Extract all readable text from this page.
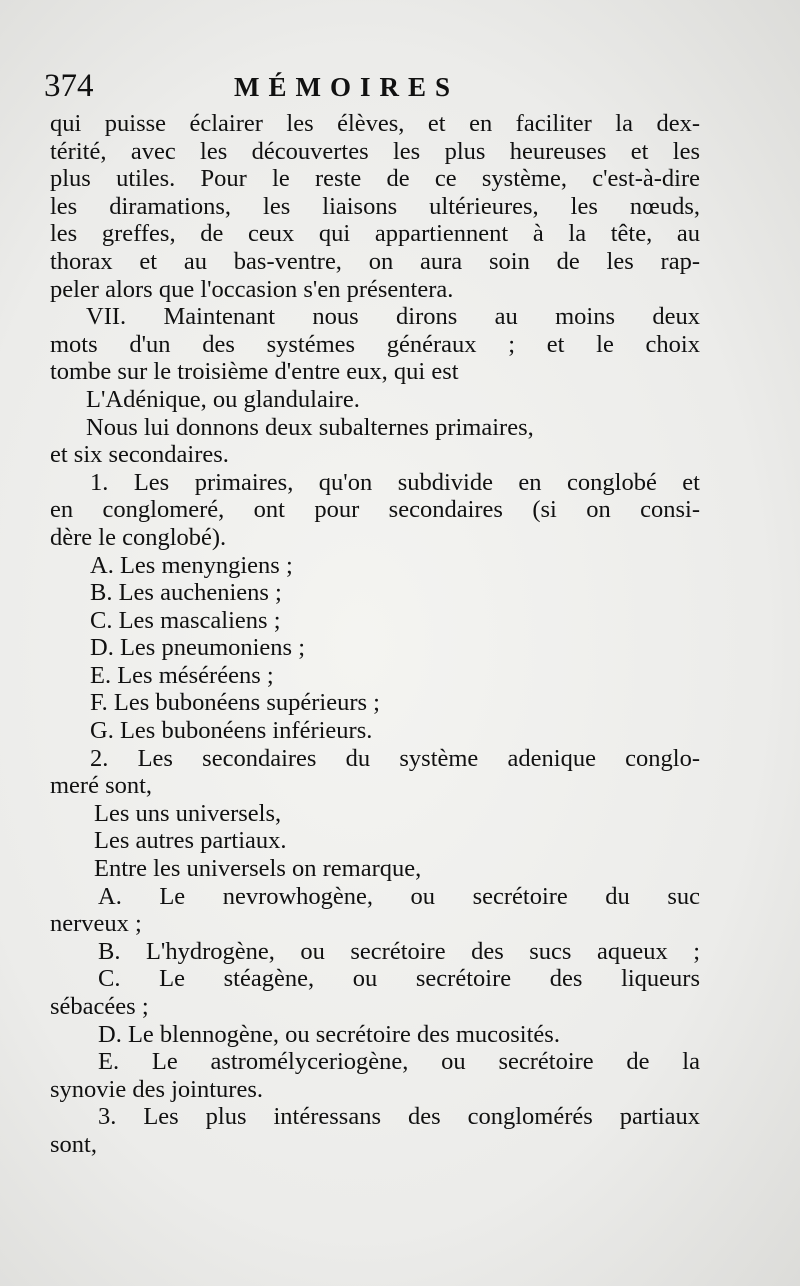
374	MÉMOIRES
qui puisse éclairer les élèves, et en faciliter la dex-
térité, avec les découvertes les plus heureuses et les
plus utiles. Pour le reste de ce système, c'est-à-dire
les diramations, les liaisons ultérieures, les nœuds,
les greffes, de ceux qui appartiennent à la tête, au
thorax et au bas-ventre, on aura soin de les rap-
peler alors que l'occasion s'en présentera.
VII. Maintenant nous dirons au moins deux
mots d'un des systémes généraux ; et le choix
tombe sur le troisième d'entre eux, qui est
L'Adénique, ou glandulaire.
Nous lui donnons deux subalternes primaires,
et six secondaires.
1. Les primaires, qu'on subdivide en conglobé et
en conglomeré, ont pour secondaires (si on consi-
dère le conglobé).
A. Les menyngiens ;
B. Les aucheniens ;
C. Les mascaliens ;
D. Les pneumoniens ;
E. Les méséréens ;
F. Les bubonéens supérieurs ;
G. Les bubonéens inférieurs.
2. Les secondaires du système adenique conglo-
meré sont,
Les uns universels,
Les autres partiaux.
Entre les universels on remarque,
A. Le nevrowhogène, ou secrétoire du suc
nerveux ;
B. L'hydrogène, ou secrétoire des sucs aqueux ;
C. Le stéagène, ou secrétoire des liqueurs
sébacées ;
D. Le blennogène, ou secrétoire des mucosités.
E. Le astromélyceriogène, ou secrétoire de la
synovie des jointures.
3. Les plus intéressans des conglomérés partiaux
sont,
